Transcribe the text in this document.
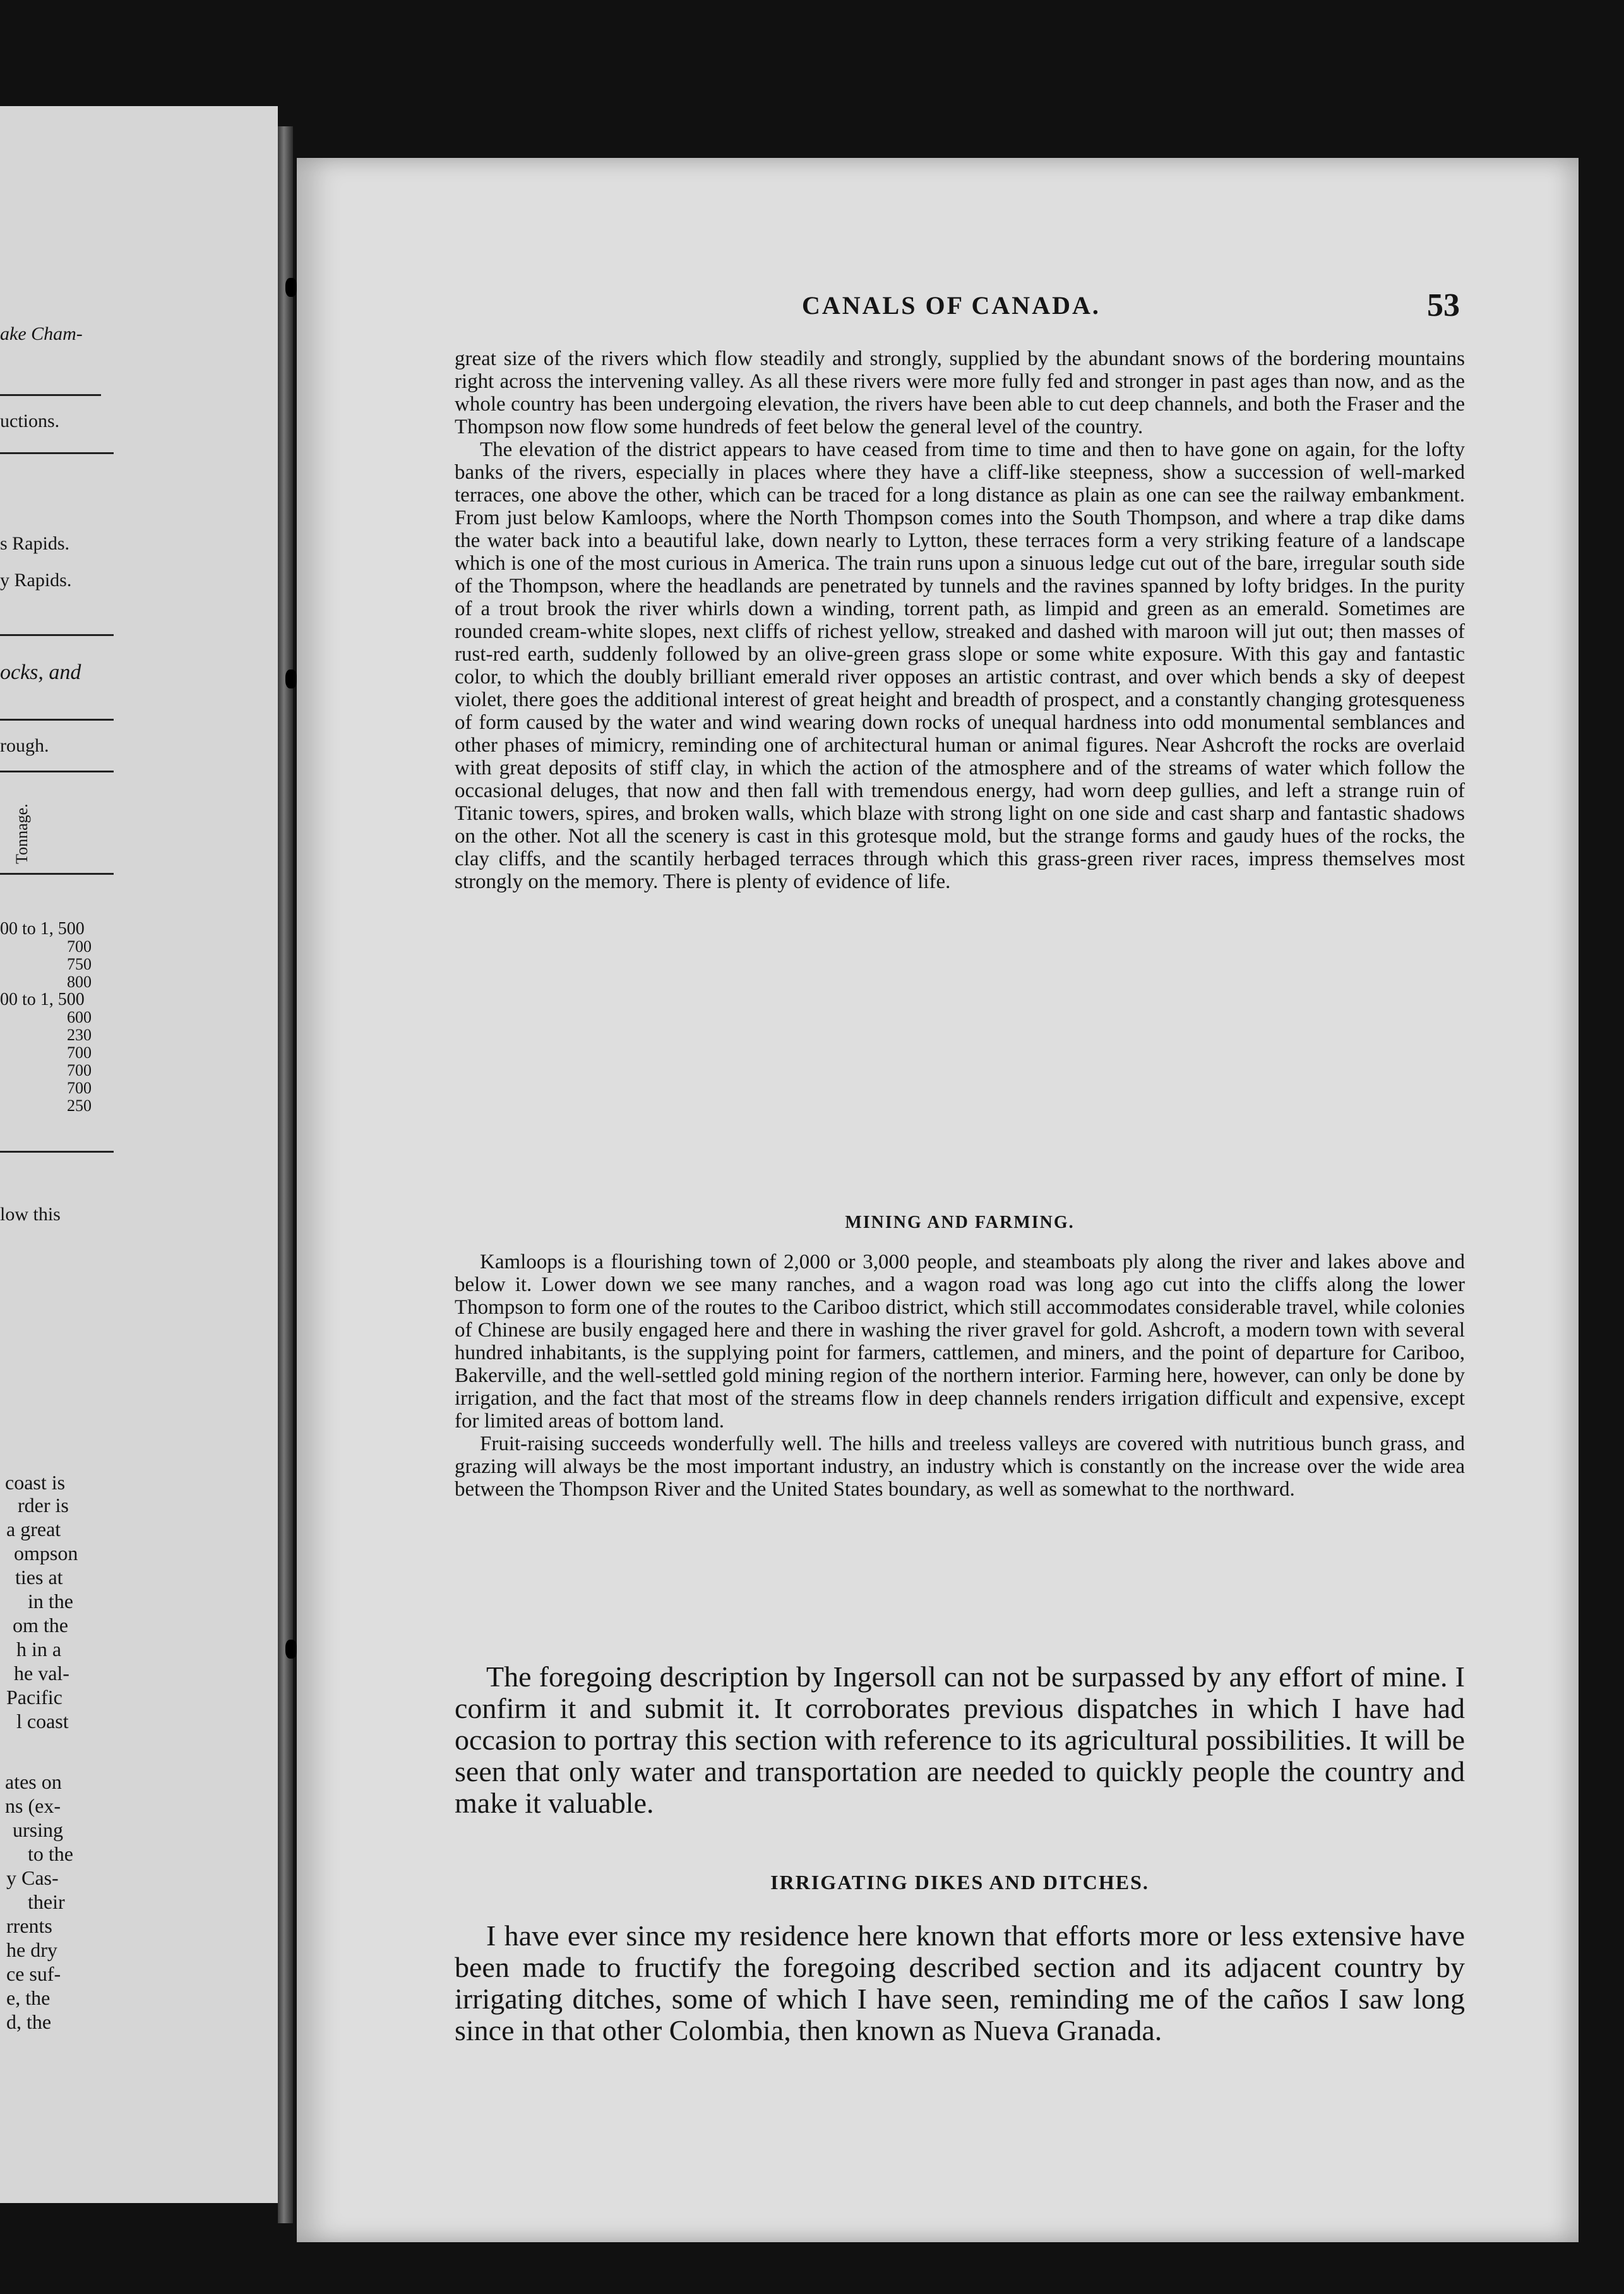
ake Cham-
uctions.
s Rapids.
y Rapids.
ocks, and
rough.
Tonnage.
00 to 1, 500
700
750
800
00 to 1, 500
600
230
700
700
700
250
low this
coast is
rder is
a great
ompson
ties at
in the
om the
h in a
he val-
Pacific
l coast
ates on
ns (ex-
ursing
to the
y Cas-
their
rrents
he dry
ce suf-
e, the
d, the
CANALS OF CANADA.	53

great size of the rivers which flow steadily and strongly, supplied by the abundant snows of the bordering mountains right across the intervening valley. As all these rivers were more fully fed and stronger in past ages than now, and as the whole country has been undergoing elevation, the rivers have been able to cut deep channels, and both the Fraser and the Thompson now flow some hundreds of feet below the general level of the country.

The elevation of the district appears to have ceased from time to time and then to have gone on again, for the lofty banks of the rivers, especially in places where they have a cliff-like steepness, show a succession of well-marked terraces, one above the other, which can be traced for a long distance as plain as one can see the railway embankment. From just below Kamloops, where the North Thompson comes into the South Thompson, and where a trap dike dams the water back into a beautiful lake, down nearly to Lytton, these terraces form a very striking feature of a landscape which is one of the most curious in America. The train runs upon a sinuous ledge cut out of the bare, irregular south side of the Thompson, where the headlands are penetrated by tunnels and the ravines spanned by lofty bridges. In the purity of a trout brook the river whirls down a winding, torrent path, as limpid and green as an emerald. Sometimes are rounded cream-white slopes, next cliffs of richest yellow, streaked and dashed with maroon will jut out; then masses of rust-red earth, suddenly followed by an olive-green grass slope or some white exposure. With this gay and fantastic color, to which the doubly brilliant emerald river opposes an artistic contrast, and over which bends a sky of deepest violet, there goes the additional interest of great height and breadth of prospect, and a constantly changing grotesqueness of form caused by the water and wind wearing down rocks of unequal hardness into odd monumental semblances and other phases of mimicry, reminding one of architectural human or animal figures. Near Ashcroft the rocks are overlaid with great deposits of stiff clay, in which the action of the atmosphere and of the streams of water which follow the occasional deluges, that now and then fall with tremendous energy, had worn deep gullies, and left a strange ruin of Titanic towers, spires, and broken walls, which blaze with strong light on one side and cast sharp and fantastic shadows on the other. Not all the scenery is cast in this grotesque mold, but the strange forms and gaudy hues of the rocks, the clay cliffs, and the scantily herbaged terraces through which this grass-green river races, impress themselves most strongly on the memory. There is plenty of evidence of life.

MINING AND FARMING.

Kamloops is a flourishing town of 2,000 or 3,000 people, and steamboats ply along the river and lakes above and below it. Lower down we see many ranches, and a wagon road was long ago cut into the cliffs along the lower Thompson to form one of the routes to the Cariboo district, which still accommodates considerable travel, while colonies of Chinese are busily engaged here and there in washing the river gravel for gold. Ashcroft, a modern town with several hundred inhabitants, is the supplying point for farmers, cattlemen, and miners, and the point of departure for Cariboo, Bakerville, and the well-settled gold mining region of the northern interior. Farming here, however, can only be done by irrigation, and the fact that most of the streams flow in deep channels renders irrigation difficult and expensive, except for limited areas of bottom land.

Fruit-raising succeeds wonderfully well. The hills and treeless valleys are covered with nutritious bunch grass, and grazing will always be the most important industry, an industry which is constantly on the increase over the wide area between the Thompson River and the United States boundary, as well as somewhat to the northward.

The foregoing description by Ingersoll can not be surpassed by any effort of mine. I confirm it and submit it. It corroborates previous dispatches in which I have had occasion to portray this section with reference to its agricultural possibilities. It will be seen that only water and transportation are needed to quickly people the country and make it valuable.

IRRIGATING DIKES AND DITCHES.

I have ever since my residence here known that efforts more or less extensive have been made to fructify the foregoing described section and its adjacent country by irrigating ditches, some of which I have seen, reminding me of the caños I saw long since in that other Colombia, then known as Nueva Granada.
